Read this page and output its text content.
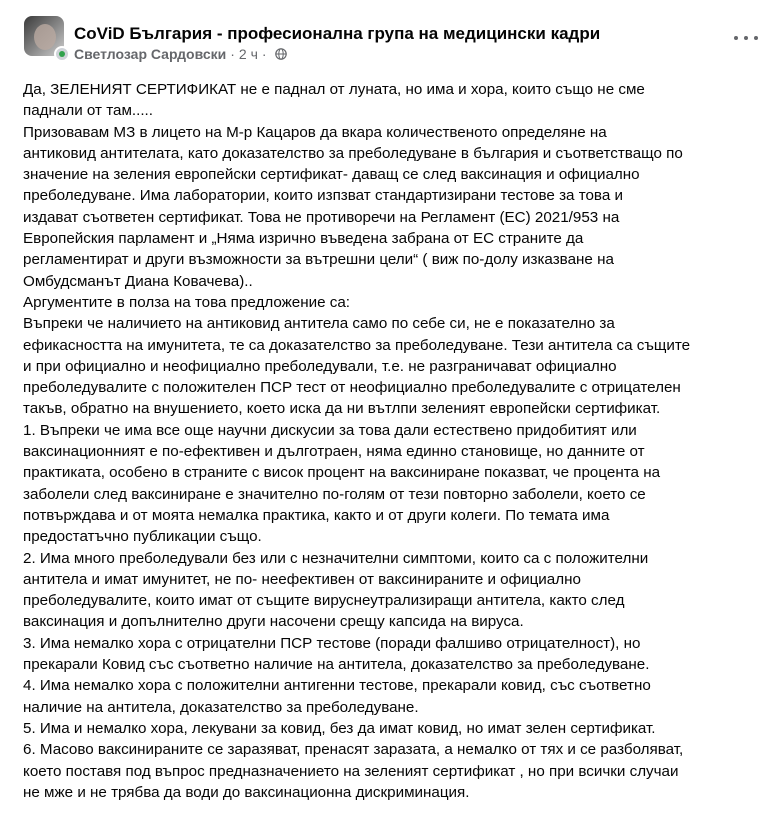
CoViD България - професионална група на медицински кадри
Светлозар Сардовски · 2 ч ·

Да, ЗЕЛЕНИЯТ СЕРТИФИКАТ не е паднал от луната, но има и хора, които също не сме

паднали от там.....

Призовавам МЗ в лицето на М-р Кацаров да вкара количественото определяне на

антиковид антителата, като доказателство за преболедуване в българия и съответстващо по

значение на зеления европейски сертификат- даващ се след ваксинация и официално

преболедуване. Има лаборатории, които изпзват стандартизирани тестове за това и

издават съответен сертификат. Това не противоречи на Регламент (ЕС) 2021/953 на

Европейския парламент и „Няма изрично въведена забрана от ЕС страните да

регламентират и други възможности за вътрешни цели“ ( виж по-долу изказване на

Омбудсманът Диана Ковачева)..

Аргументите в полза на това предложение са:

Въпреки че наличието на антиковид антитела само по себе си, не е показателно за

ефикасността на имунитета, те са доказателство за преболедуване. Тези антитела са същите

и при официално и неофициално преболедували, т.е. не разграничават официално

преболедувалите с положителен ПСР тест от неофициално преболедувалите с отрицателен

такъв, обратно на внушението, което иска да ни вътлпи зеленият европейски сертификат.

1. Въпреки че има все още научни дискусии за това дали естествено придобитият или

ваксинационният е по-ефективен и дълготраен, няма единно становище, но данните от

практиката, особено в страните с висок процент на ваксиниране показват, че процента на

заболели след ваксиниране е значително по-голям от тези повторно заболели, което се

потвърждава и от моята немалка практика, както и от други колеги. По темата има

предостатъчно публикации също.

2. Има много преболедували без или с незначителни симптоми, които са с положителни

антитела и имат имунитет, не по- неефективен от ваксинираните и официално

преболедувалите, които имат от същите вируснеутрализиращи антитела, както след

ваксинация и допълнително други насочени срещу капсида на вируса.

3. Има немалко хора с отрицателни ПСР тестове (поради фалшиво отрицателност), но

прекарали Ковид със съответно наличие на антитела, доказателство за преболедуване.

4. Има немалко хора с положителни антигенни тестове, прекарали ковид, със съответно

наличие на антитела, доказателство за преболедуване.

5. Има и немалко хора, лекувани за ковид, без да имат ковид, но имат зелен сертификат.

6. Масово ваксинираните се заразяват, пренасят заразата, а немалко от тях и се разболяват,

което поставя под въпрос предназначението на зеленият сертификат , но при всички случаи

не мже и не трябва да води до ваксинационна дискриминация.
